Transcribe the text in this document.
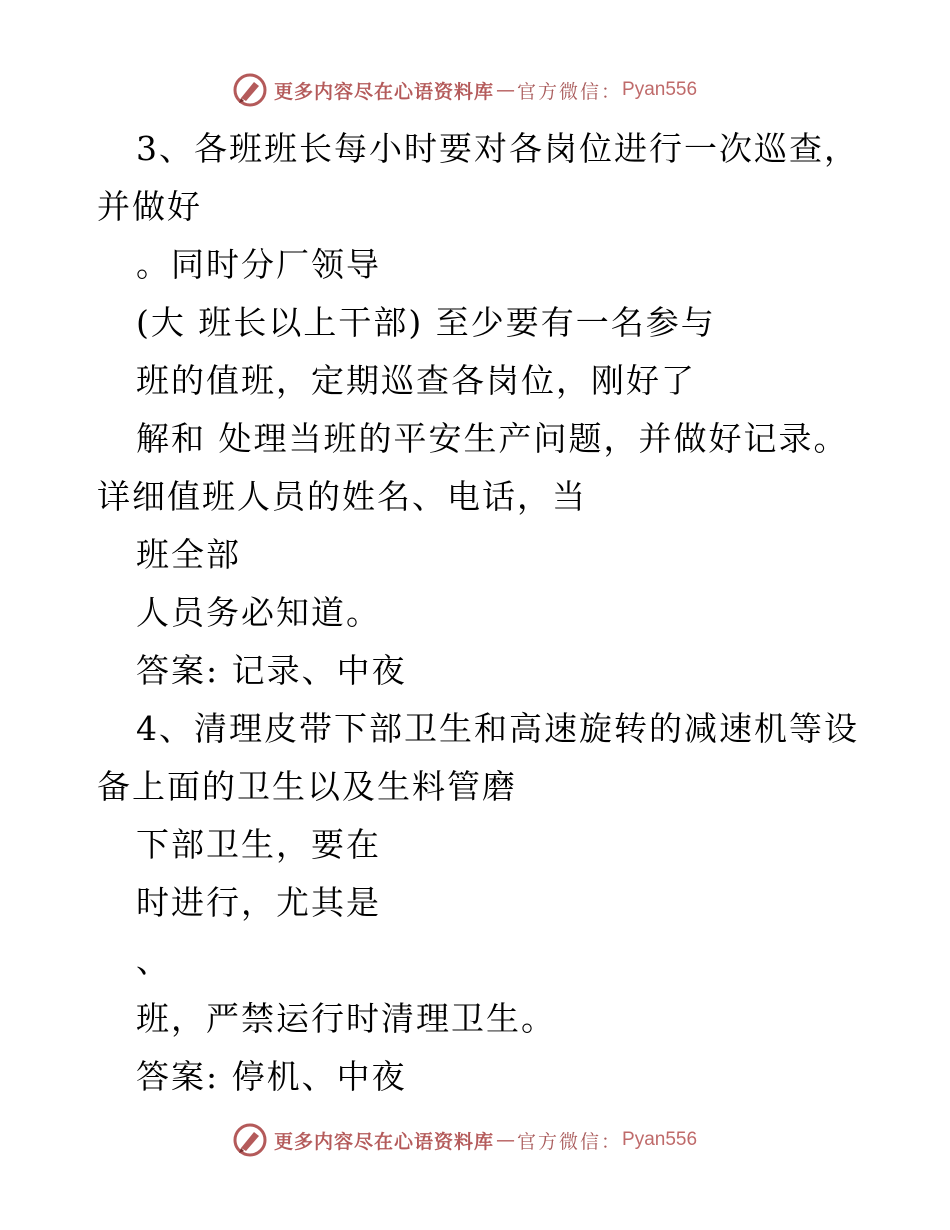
更多内容尽在心语资料库 — 官方微信： Pyan556
3、各班班长每小时要对各岗位进行一次巡查，
并做好
。同时分厂领导
(大 班长以上干部) 至少要有一名参与
班的值班，定期巡查各岗位，刚好了
解和 处理当班的平安生产问题，并做好记录。
详细值班人员的姓名、电话，当
班全部
人员务必知道。
答案: 记录、中夜
4、清理皮带下部卫生和高速旋转的减速机等设
备上面的卫生以及生料管磨
下部卫生，要在
时进行，尤其是
、
班，严禁运行时清理卫生。
答案: 停机、中夜
更多内容尽在心语资料库 — 官方微信： Pyan556
